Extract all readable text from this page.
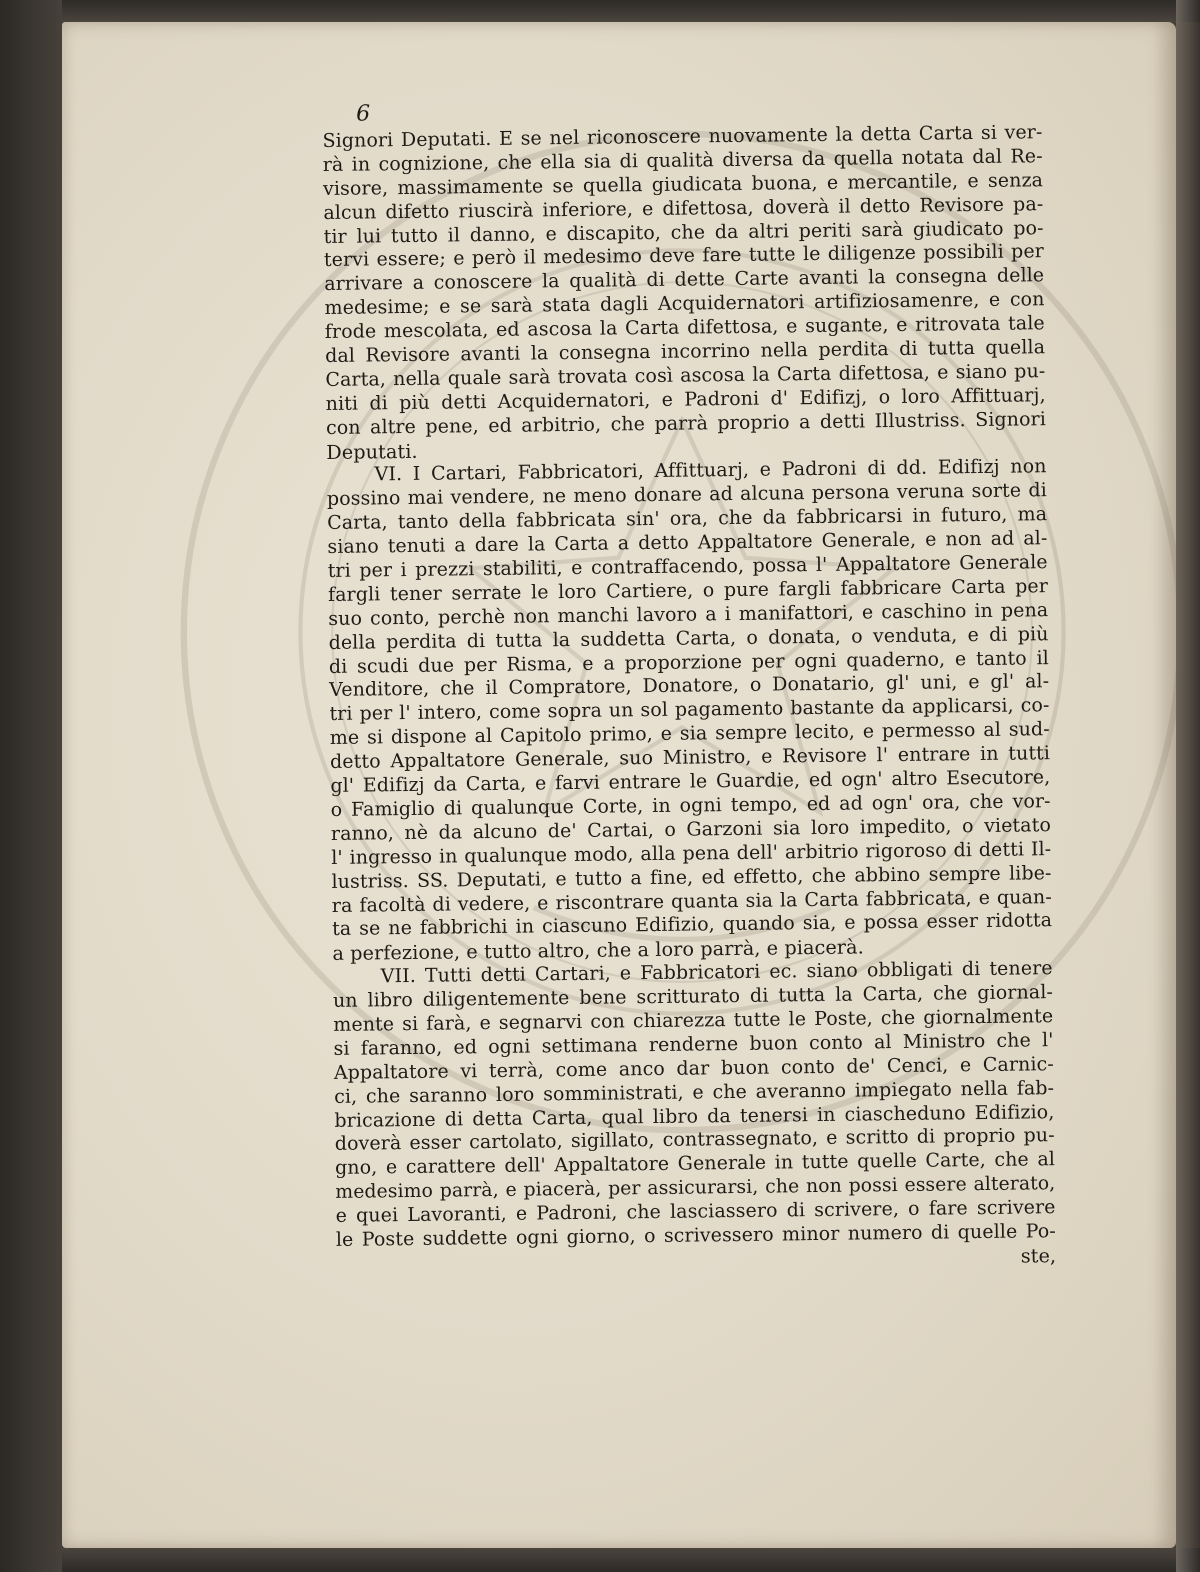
6

Signori Deputati. E se nel riconoscere nuovamente la detta Carta si ver-

rà in cognizione, che ella sia di qualità diversa da quella notata dal Re-

visore, massimamente se quella giudicata buona, e mercantile, e senza

alcun difetto riuscirà inferiore, e difettosa, doverà il detto Revisore pa-

tir lui tutto il danno, e discapito, che da altri periti sarà giudicato po-

tervi essere; e però il medesimo deve fare tutte le diligenze possibili per

arrivare a conoscere la qualità di dette Carte avanti la consegna delle

medesime; e se sarà stata dagli Acquidernatori artifiziosamenre, e con

frode mescolata, ed ascosa la Carta difettosa, e sugante, e ritrovata tale

dal Revisore avanti la consegna incorrino nella perdita di tutta quella

Carta, nella quale sarà trovata così ascosa la Carta difettosa, e siano pu-

niti di più detti Acquidernatori, e Padroni d' Edifizj, o loro Affittuarj,

con altre pene, ed arbitrio, che parrà proprio a detti Illustriss. Signori

Deputati.

VI. I Cartari, Fabbricatori, Affittuarj, e Padroni di dd. Edifizj non

possino mai vendere, ne meno donare ad alcuna persona veruna sorte di

Carta, tanto della fabbricata sin' ora, che da fabbricarsi in futuro, ma

siano tenuti a dare la Carta a detto Appaltatore Generale, e non ad al-

tri per i prezzi stabiliti, e contraffacendo, possa l' Appaltatore Generale

fargli tener serrate le loro Cartiere, o pure fargli fabbricare Carta per

suo conto, perchè non manchi lavoro a i manifattori, e caschino in pena

della perdita di tutta la suddetta Carta, o donata, o venduta, e di più

di scudi due per Risma, e a proporzione per ogni quaderno, e tanto il

Venditore, che il Compratore, Donatore, o Donatario, gl' uni, e gl' al-

tri per l' intero, come sopra un sol pagamento bastante da applicarsi, co-

me si dispone al Capitolo primo, e sia sempre lecito, e permesso al sud-

detto Appaltatore Generale, suo Ministro, e Revisore l' entrare in tutti

gl' Edifizj da Carta, e farvi entrare le Guardie, ed ogn' altro Esecutore,

o Famiglio di qualunque Corte, in ogni tempo, ed ad ogn' ora, che vor-

ranno, nè da alcuno de' Cartai, o Garzoni sia loro impedito, o vietato

l' ingresso in qualunque modo, alla pena dell' arbitrio rigoroso di detti Il-

lustriss. SS. Deputati, e tutto a fine, ed effetto, che abbino sempre libe-

ra facoltà di vedere, e riscontrare quanta sia la Carta fabbricata, e quan-

ta se ne fabbrichi in ciascuno Edifizio, quando sia, e possa esser ridotta

a perfezione, e tutto altro, che a loro parrà, e piacerà.

VII. Tutti detti Cartari, e Fabbricatori ec. siano obbligati di tenere

un libro diligentemente bene scritturato di tutta la Carta, che giornal-

mente si farà, e segnarvi con chiarezza tutte le Poste, che giornalmente

si faranno, ed ogni settimana renderne buon conto al Ministro che l'

Appaltatore vi terrà, come anco dar buon conto de' Cenci, e Carnic-

ci, che saranno loro somministrati, e che averanno impiegato nella fab-

bricazione di detta Carta, qual libro da tenersi in ciascheduno Edifizio,

doverà esser cartolato, sigillato, contrassegnato, e scritto di proprio pu-

gno, e carattere dell' Appaltatore Generale in tutte quelle Carte, che al

medesimo parrà, e piacerà, per assicurarsi, che non possi essere alterato,

e quei Lavoranti, e Padroni, che lasciassero di scrivere, o fare scrivere

le Poste suddette ogni giorno, o scrivessero minor numero di quelle Po-

ste,
